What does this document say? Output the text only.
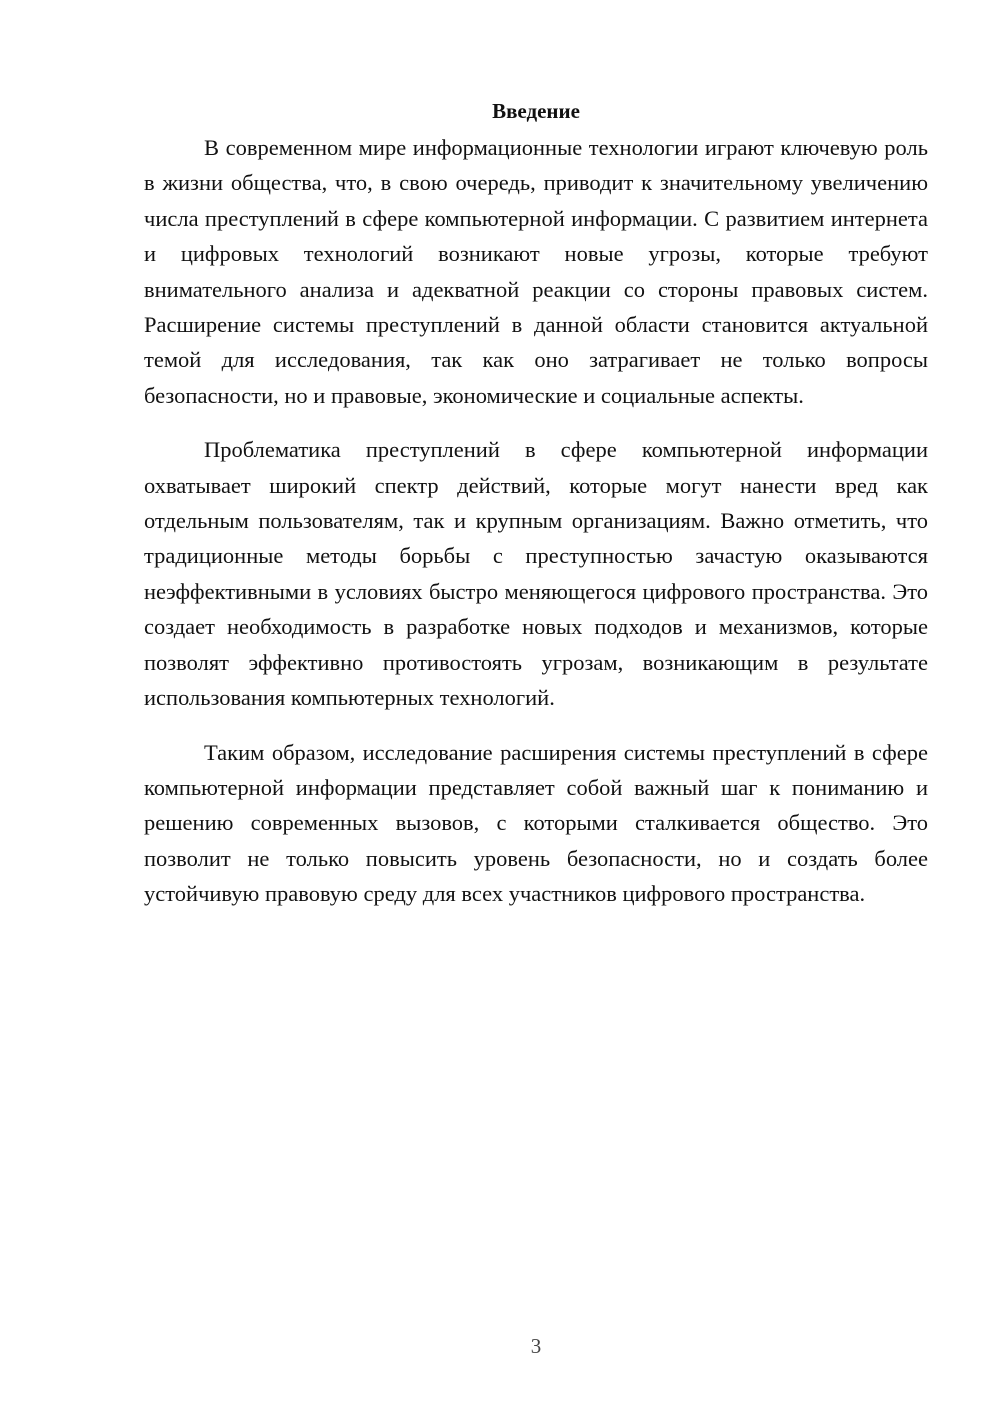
Введение

В современном мире информационные технологии играют ключевую роль в жизни общества, что, в свою очередь, приводит к значительному увеличению числа преступлений в сфере компьютерной информации. С развитием интернета и цифровых технологий возникают новые угрозы, которые требуют внимательного анализа и адекватной реакции со стороны правовых систем. Расширение системы преступлений в данной области становится актуальной темой для исследования, так как оно затрагивает не только вопросы безопасности, но и правовые, экономические и социальные аспекты.

Проблематика преступлений в сфере компьютерной информации охватывает широкий спектр действий, которые могут нанести вред как отдельным пользователям, так и крупным организациям. Важно отметить, что традиционные методы борьбы с преступностью зачастую оказываются неэффективными в условиях быстро меняющегося цифрового пространства. Это создает необходимость в разработке новых подходов и механизмов, которые позволят эффективно противостоять угрозам, возникающим в результате использования компьютерных технологий.

Таким образом, исследование расширения системы преступлений в сфере компьютерной информации представляет собой важный шаг к пониманию и решению современных вызовов, с которыми сталкивается общество. Это позволит не только повысить уровень безопасности, но и создать более устойчивую правовую среду для всех участников цифрового пространства.

3
